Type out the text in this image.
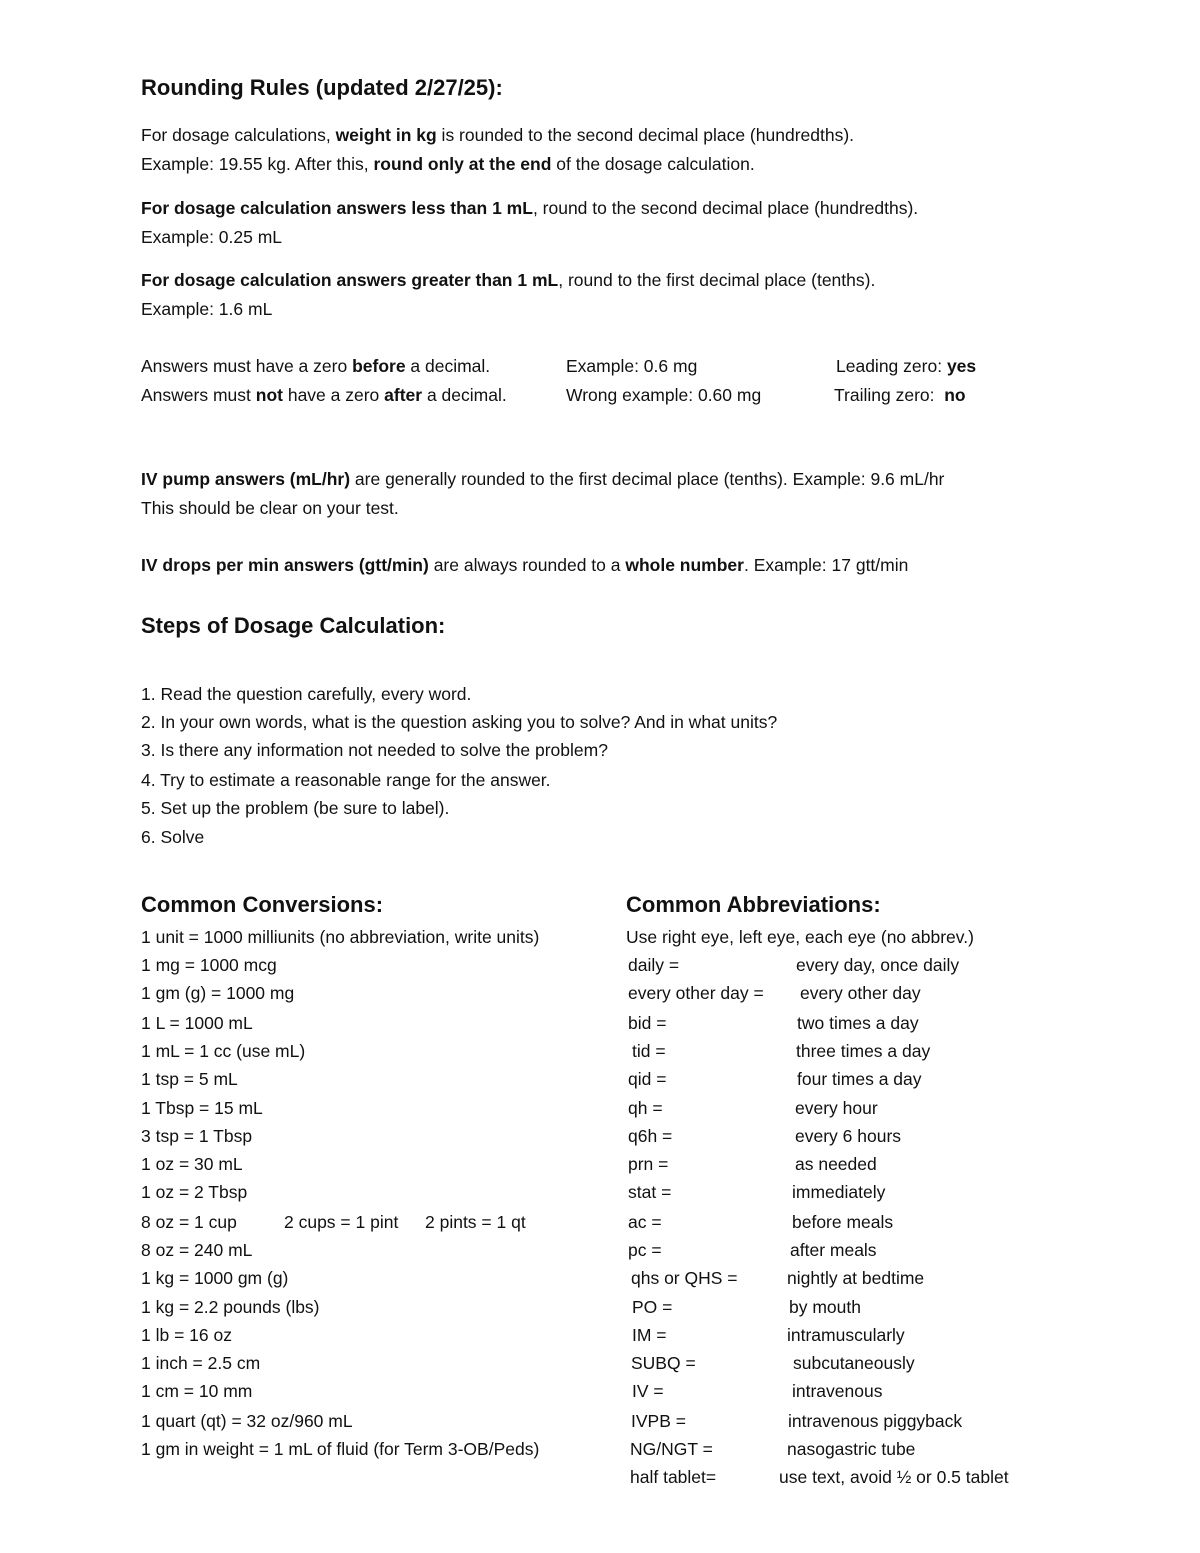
Rounding Rules (updated 2/27/25):
For dosage calculations, weight in kg is rounded to the second decimal place (hundredths).
Example: 19.55 kg. After this, round only at the end of the dosage calculation.
For dosage calculation answers less than 1 mL, round to the second decimal place (hundredths).
Example: 0.25 mL
For dosage calculation answers greater than 1 mL, round to the first decimal place (tenths).
Example: 1.6 mL
Answers must have a zero before a decimal.	Example: 0.6 mg	Leading zero: yes
Answers must not have a zero after a decimal.	Wrong example: 0.60 mg	Trailing zero: no
IV pump answers (mL/hr) are generally rounded to the first decimal place (tenths). Example: 9.6 mL/hr
This should be clear on your test.
IV drops per min answers (gtt/min) are always rounded to a whole number. Example: 17 gtt/min
Steps of Dosage Calculation:
1. Read the question carefully, every word.
2. In your own words, what is the question asking you to solve? And in what units?
3. Is there any information not needed to solve the problem?
4. Try to estimate a reasonable range for the answer.
5. Set up the problem (be sure to label).
6. Solve
Common Conversions:
1 unit = 1000 milliunits (no abbreviation, write units)
1 mg = 1000 mcg
1 gm (g) = 1000 mg
1 L = 1000 mL
1 mL = 1 cc (use mL)
1 tsp = 5 mL
1 Tbsp = 15 mL
3 tsp = 1 Tbsp
1 oz = 30 mL
1 oz = 2 Tbsp
8 oz = 1 cup	2 cups = 1 pint 2 pints = 1 qt
8 oz = 240 mL
1 kg = 1000 gm (g)
1 kg = 2.2 pounds (lbs)
1 lb = 16 oz
1 inch = 2.5 cm
1 cm = 10 mm
1 quart (qt) = 32 oz/960 mL
1 gm in weight = 1 mL of fluid (for Term 3-OB/Peds)
Common Abbreviations:
Use right eye, left eye, each eye (no abbrev.)
daily =	every day, once daily
every other day = every other day
bid =	two times a day
tid =	three times a day
qid =	four times a day
qh =	every hour
q6h =	every 6 hours
prn =	as needed
stat =	immediately
ac =	before meals
pc =	after meals
qhs or QHS =	nightly at bedtime
PO =	by mouth
IM =	intramuscularly
SUBQ =	subcutaneously
IV =	intravenous
IVPB =	intravenous piggyback
NG/NGT =	nasogastric tube
half tablet=	use text, avoid ½ or 0.5 tablet
